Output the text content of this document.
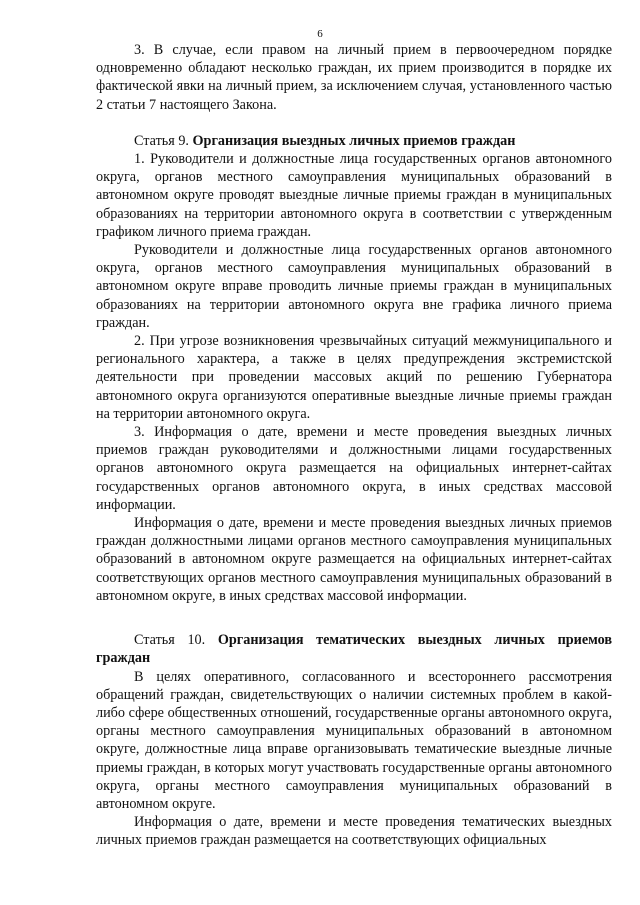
6

3. В случае, если правом на личный прием в первоочередном порядке одновременно обладают несколько граждан, их прием производится в порядке их фактической явки на личный прием, за исключением случая, установленного частью 2 статьи 7 настоящего Закона.

Статья 9. Организация выездных личных приемов граждан

1. Руководители и должностные лица государственных органов автономного округа, органов местного самоуправления муниципальных образований в автономном округе проводят выездные личные приемы граждан в муниципальных образованиях на территории автономного округа в соответствии с утвержденным графиком личного приема граждан.

Руководители и должностные лица государственных органов автономного округа, органов местного самоуправления муниципальных образований в автономном округе вправе проводить личные приемы граждан в муниципальных образованиях на территории автономного округа вне графика личного приема граждан.

2. При угрозе возникновения чрезвычайных ситуаций межмуниципального и регионального характера, а также в целях предупреждения экстремистской деятельности при проведении массовых акций по решению Губернатора автономного округа организуются оперативные выездные личные приемы граждан на территории автономного округа.

3. Информация о дате, времени и месте проведения выездных личных приемов граждан руководителями и должностными лицами государственных органов автономного округа размещается на официальных интернет-сайтах государственных органов автономного округа, в иных средствах массовой информации.

Информация о дате, времени и месте проведения выездных личных приемов граждан должностными лицами органов местного самоуправления муниципальных образований в автономном округе размещается на официальных интернет-сайтах соответствующих органов местного самоуправления муниципальных образований в автономном округе, в иных средствах массовой информации.

Статья 10. Организация тематических выездных личных приемов граждан

В целях оперативного, согласованного и всестороннего рассмотрения обращений граждан, свидетельствующих о наличии системных проблем в какой-либо сфере общественных отношений, государственные органы автономного округа, органы местного самоуправления муниципальных образований в автономном округе, должностные лица вправе организовывать тематические выездные личные приемы граждан, в которых могут участвовать государственные органы автономного округа, органы местного самоуправления муниципальных образований в автономном округе.

Информация о дате, времени и месте проведения тематических выездных личных приемов граждан размещается на соответствующих официальных
